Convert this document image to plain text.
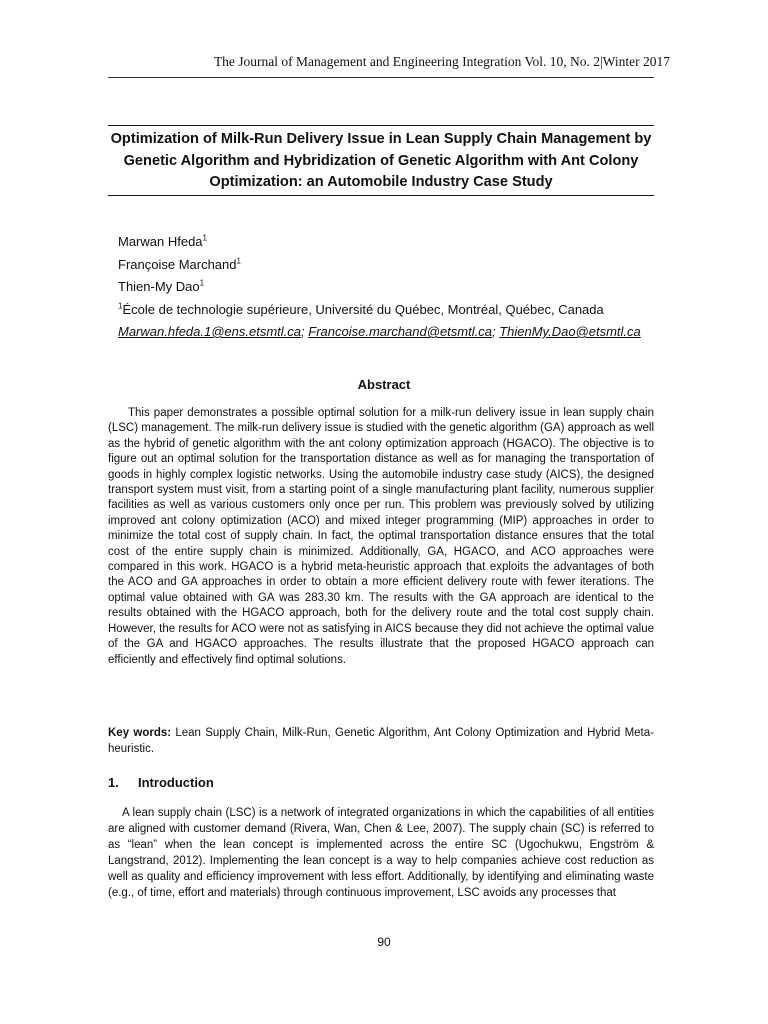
The Journal of Management and Engineering Integration Vol. 10, No. 2|Winter 2017
Optimization of Milk-Run Delivery Issue in Lean Supply Chain Management by Genetic Algorithm and Hybridization of Genetic Algorithm with Ant Colony Optimization: an Automobile Industry Case Study
Marwan Hfeda$^1$
Françoise Marchand$^1$
Thien-My Dao$^1$
$^1$École de technologie supérieure, Université du Québec, Montréal, Québec, Canada
Marwan.hfeda.1@ens.etsmtl.ca; Francoise.marchand@etsmtl.ca; ThienMy.Dao@etsmtl.ca
Abstract

This paper demonstrates a possible optimal solution for a milk-run delivery issue in lean supply chain (LSC) management. The milk-run delivery issue is studied with the genetic algorithm (GA) approach as well as the hybrid of genetic algorithm with the ant colony optimization approach (HGACO). The objective is to figure out an optimal solution for the transportation distance as well as for managing the transportation of goods in highly complex logistic networks. Using the automobile industry case study (AICS), the designed transport system must visit, from a starting point of a single manufacturing plant facility, numerous supplier facilities as well as various customers only once per run. This problem was previously solved by utilizing improved ant colony optimization (ACO) and mixed integer programming (MIP) approaches in order to minimize the total cost of supply chain. In fact, the optimal transportation distance ensures that the total cost of the entire supply chain is minimized. Additionally, GA, HGACO, and ACO approaches were compared in this work. HGACO is a hybrid meta-heuristic approach that exploits the advantages of both the ACO and GA approaches in order to obtain a more efficient delivery route with fewer iterations. The optimal value obtained with GA was 283.30 km. The results with the GA approach are identical to the results obtained with the HGACO approach, both for the delivery route and the total cost supply chain. However, the results for ACO were not as satisfying in AICS because they did not achieve the optimal value of the GA and HGACO approaches. The results illustrate that the proposed HGACO approach can efficiently and effectively find optimal solutions.

Key words: Lean Supply Chain, Milk-Run, Genetic Algorithm, Ant Colony Optimization and Hybrid Meta-heuristic.

1. Introduction

A lean supply chain (LSC) is a network of integrated organizations in which the capabilities of all entities are aligned with customer demand (Rivera, Wan, Chen & Lee, 2007). The supply chain (SC) is referred to as “lean” when the lean concept is implemented across the entire SC (Ugochukwu, Engström & Langstrand, 2012). Implementing the lean concept is a way to help companies achieve cost reduction as well as quality and efficiency improvement with less effort. Additionally, by identifying and eliminating waste (e.g., of time, effort and materials) through continuous improvement, LSC avoids any processes that

90
